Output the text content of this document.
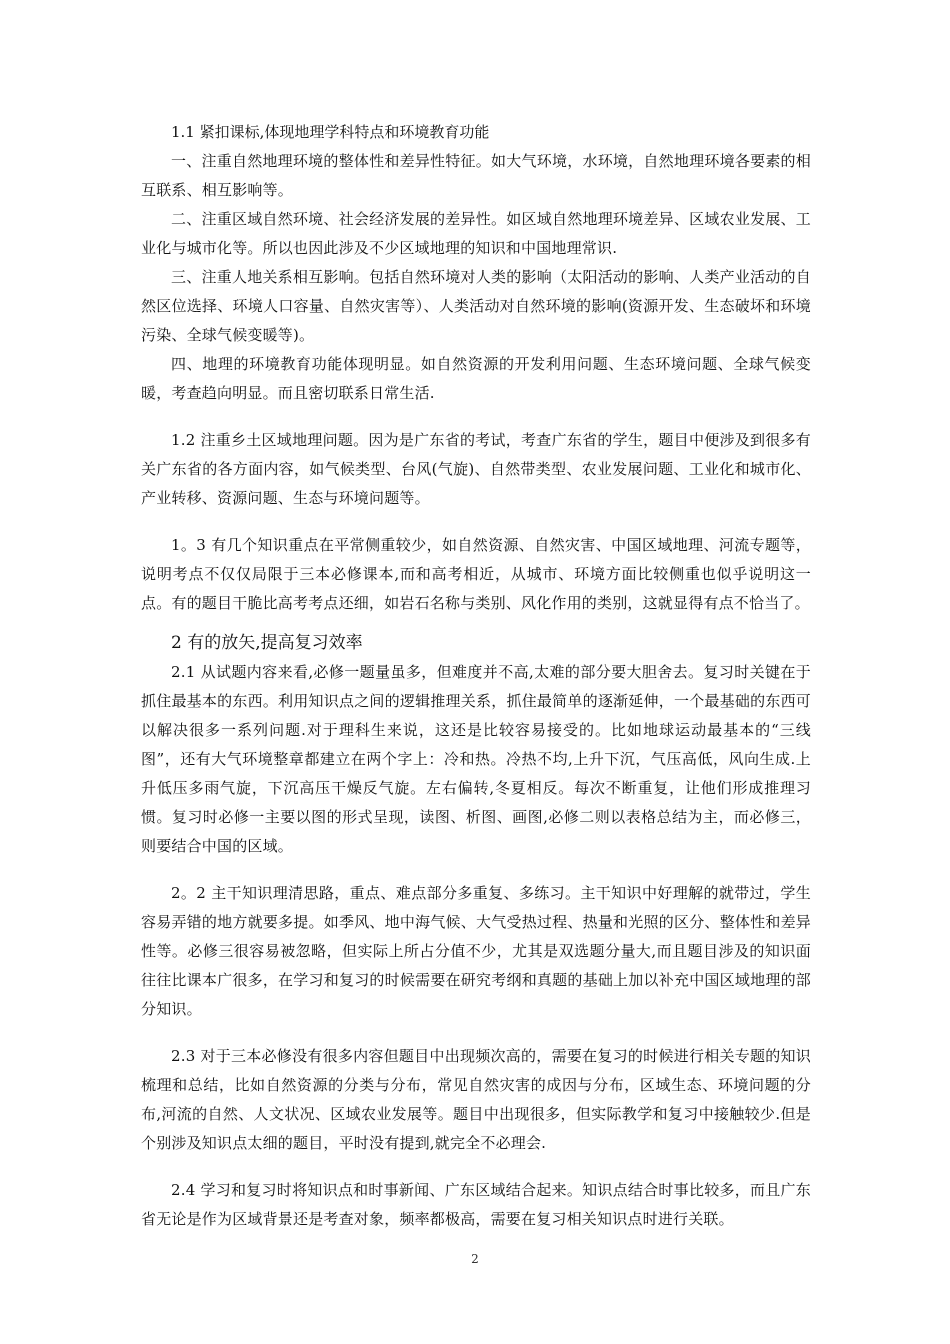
1.1 紧扣课标,体现地理学科特点和环境教育功能

一、注重自然地理环境的整体性和差异性特征。如大气环境，水环境，自然地理环境各要素的相互联系、相互影响等。

二、注重区域自然环境、社会经济发展的差异性。如区域自然地理环境差异、区域农业发展、工业化与城市化等。所以也因此涉及不少区域地理的知识和中国地理常识.

三、注重人地关系相互影响。包括自然环境对人类的影响（太阳活动的影响、人类产业活动的自然区位选择、环境人口容量、自然灾害等）、人类活动对自然环境的影响(资源开发、生态破坏和环境污染、全球气候变暖等)。

四、地理的环境教育功能体现明显。如自然资源的开发利用问题、生态环境问题、全球气候变暖，考查趋向明显。而且密切联系日常生活.

1.2 注重乡土区域地理问题。因为是广东省的考试，考查广东省的学生，题目中便涉及到很多有关广东省的各方面内容，如气候类型、台风(气旋)、自然带类型、农业发展问题、工业化和城市化、产业转移、资源问题、生态与环境问题等。

1。3 有几个知识重点在平常侧重较少，如自然资源、自然灾害、中国区域地理、河流专题等，说明考点不仅仅局限于三本必修课本,而和高考相近，从城市、环境方面比较侧重也似乎说明这一点。有的题目干脆比高考考点还细，如岩石名称与类别、风化作用的类别，这就显得有点不恰当了。

2 有的放矢,提高复习效率

2.1 从试题内容来看,必修一题量虽多，但难度并不高,太难的部分要大胆舍去。复习时关键在于抓住最基本的东西。利用知识点之间的逻辑推理关系，抓住最简单的逐渐延伸，一个最基础的东西可以解决很多一系列问题.对于理科生来说，这还是比较容易接受的。比如地球运动最基本的“三线图”，还有大气环境整章都建立在两个字上：冷和热。冷热不均,上升下沉，气压高低，风向生成.上升低压多雨气旋，下沉高压干燥反气旋。左右偏转,冬夏相反。每次不断重复，让他们形成推理习惯。复习时必修一主要以图的形式呈现，读图、析图、画图,必修二则以表格总结为主，而必修三，则要结合中国的区域。

2。2 主干知识理清思路，重点、难点部分多重复、多练习。主干知识中好理解的就带过，学生容易弄错的地方就要多提。如季风、地中海气候、大气受热过程、热量和光照的区分、整体性和差异性等。必修三很容易被忽略，但实际上所占分值不少，尤其是双选题分量大,而且题目涉及的知识面往往比课本广很多，在学习和复习的时候需要在研究考纲和真题的基础上加以补充中国区域地理的部分知识。

2.3 对于三本必修没有很多内容但题目中出现频次高的，需要在复习的时候进行相关专题的知识梳理和总结，比如自然资源的分类与分布，常见自然灾害的成因与分布，区域生态、环境问题的分布,河流的自然、人文状况、区域农业发展等。题目中出现很多，但实际教学和复习中接触较少.但是个别涉及知识点太细的题目，平时没有提到,就完全不必理会.

2.4 学习和复习时将知识点和时事新闻、广东区域结合起来。知识点结合时事比较多，而且广东省无论是作为区域背景还是考查对象，频率都极高，需要在复习相关知识点时进行关联。

2
